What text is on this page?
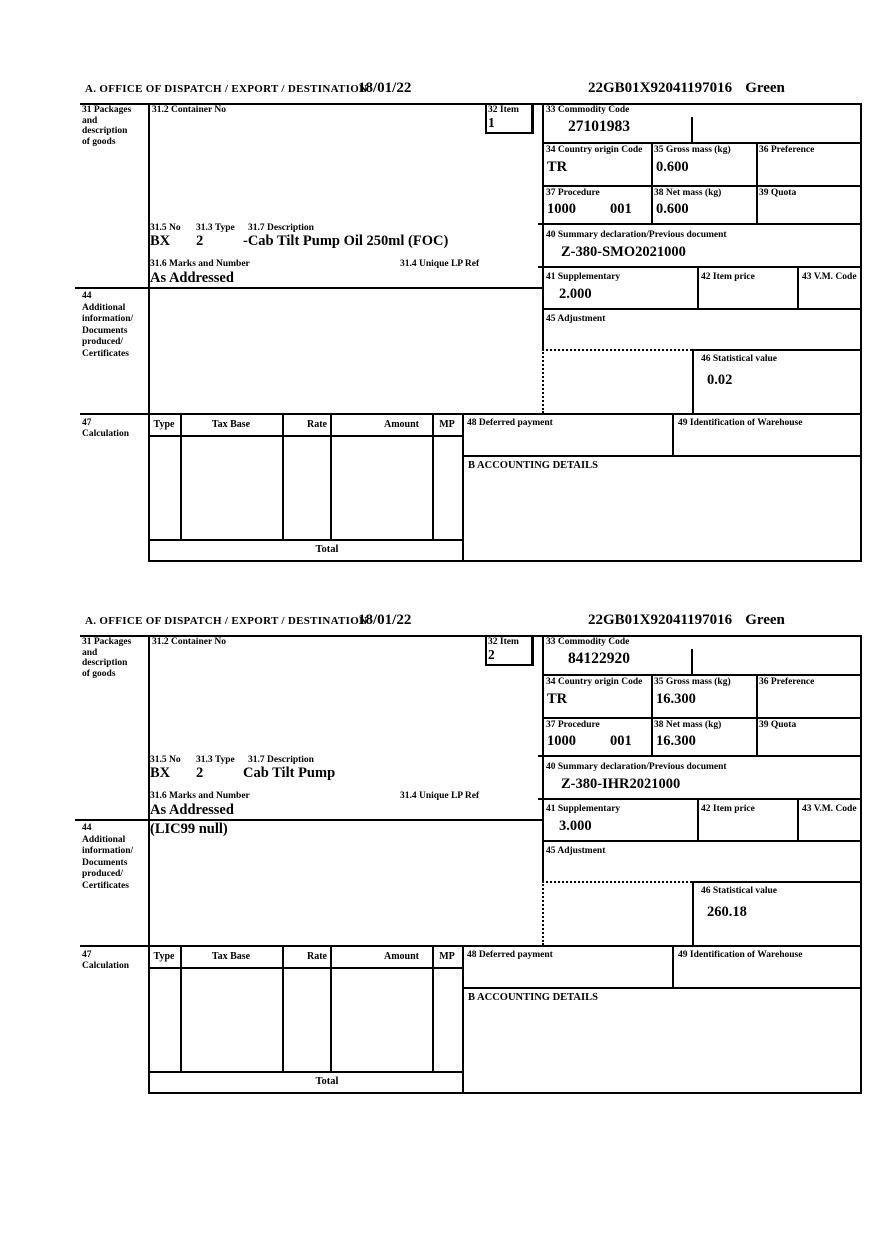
A. OFFICE OF DISPATCH / EXPORT / DESTINATION
18/01/22	22GB01X92041197016 Green
31 Packages
and
description
of goods
31.2 Container No	32 Item
1
33 Commodity Code
27101983
34 Country origin Code
TR
35 Gross mass (kg)
0.600
36 Preference
37 Procedure
1000 001
38 Net mass (kg)
0.600
39 Quota
40 Summary declaration/Previous document
Z-380-SMO2021000
41 Supplementary
2.000
42 Item price	43 V.M. Code
45 Adjustment
46 Statistical value
0.02
44
Additional
information/
Documents
produced/
Certificates
31.5 No 31.3 Type 31.7 Description
BX 2	-Cab Tilt Pump Oil 250ml (FOC)
31.6 Marks and Number	31.4 Unique LP Ref
As Addressed
47
Calculation
Type	Tax Base	Rate	Amount	MP	48 Deferred payment	49 Identification of Warehouse
B ACCOUNTING DETAILS
Total
A. OFFICE OF DISPATCH / EXPORT / DESTINATION
18/01/22	22GB01X92041197016 Green
31 Packages
and
description
of goods
31.2 Container No	32 Item
2
33 Commodity Code
84122920
34 Country origin Code
TR
35 Gross mass (kg)
16.300
36 Preference
37 Procedure
1000 001
38 Net mass (kg)
16.300
39 Quota
40 Summary declaration/Previous document
Z-380-IHR2021000
41 Supplementary
3.000
42 Item price	43 V.M. Code
45 Adjustment
46 Statistical value
260.18
44
Additional
information/
Documents
produced/
Certificates
(LIC99 null)
31.5 No 31.3 Type 31.7 Description
BX 2	Cab Tilt Pump
31.6 Marks and Number	31.4 Unique LP Ref
As Addressed
47
Calculation
Type	Tax Base	Rate	Amount	MP	48 Deferred payment	49 Identification of Warehouse
B ACCOUNTING DETAILS
Total
